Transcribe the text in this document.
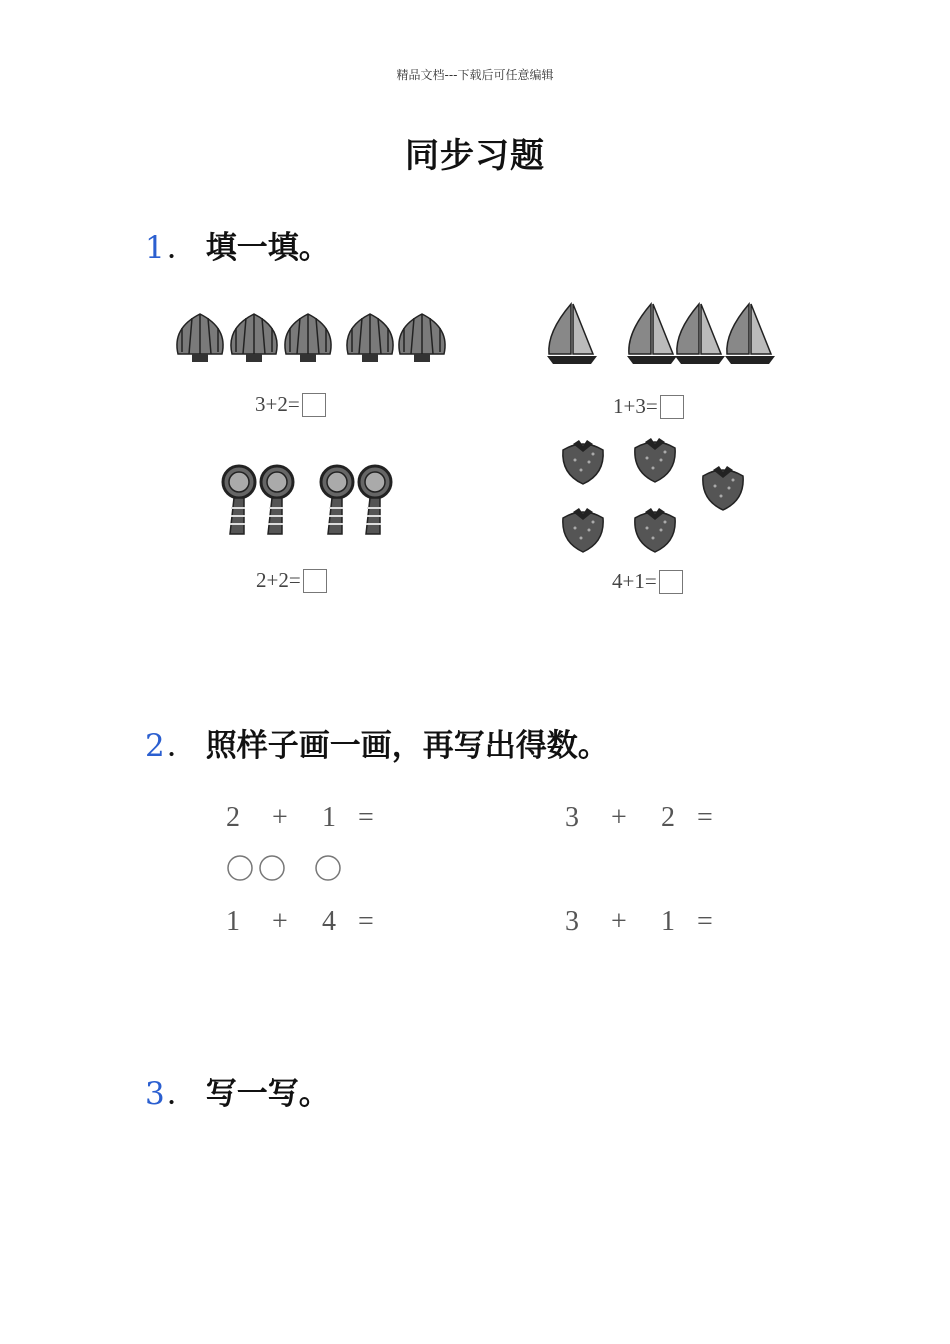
精品文档---下载后可任意编辑
同步习题
1． 填一填。
3+2=	1+3=
2+2=	4+1=
2． 照样子画一画，再写出得数。
2 + 1 =	3 + 2 =
1 + 4 =	3 + 1 =
3． 写一写。
